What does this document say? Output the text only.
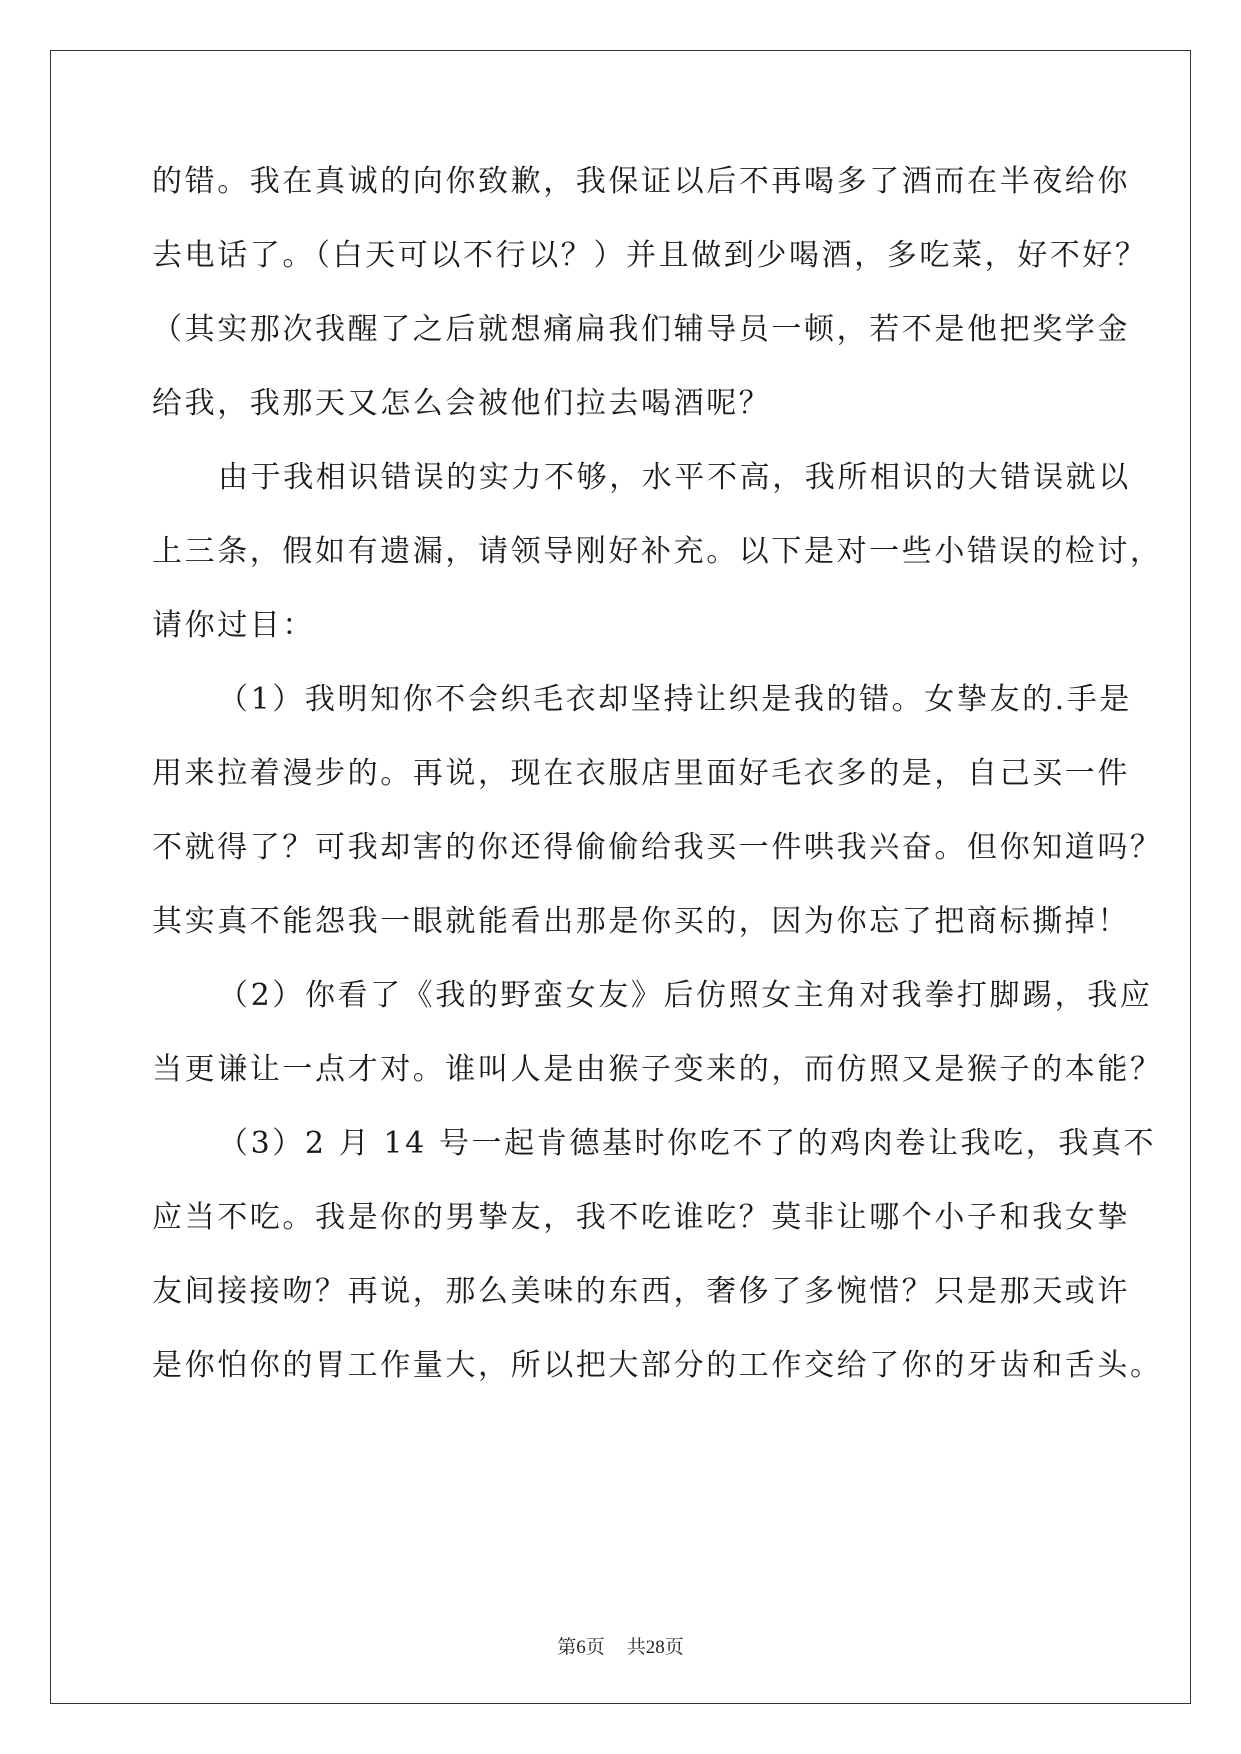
的错。我在真诚的向你致歉，我保证以后不再喝多了酒而在半夜给你
去电话了。（白天可以不行以？）并且做到少喝酒，多吃菜，好不好？
（其实那次我醒了之后就想痛扁我们辅导员一顿，若不是他把奖学金
给我，我那天又怎么会被他们拉去喝酒呢？
由于我相识错误的实力不够，水平不高，我所相识的大错误就以
上三条，假如有遗漏，请领导刚好补充。以下是对一些小错误的检讨，
请你过目：
（1）我明知你不会织毛衣却坚持让织是我的错。女挚友的.手是
用来拉着漫步的。再说，现在衣服店里面好毛衣多的是，自己买一件
不就得了？可我却害的你还得偷偷给我买一件哄我兴奋。但你知道吗？
其实真不能怨我一眼就能看出那是你买的，因为你忘了把商标撕掉！
（2）你看了《我的野蛮女友》后仿照女主角对我拳打脚踢，我应
当更谦让一点才对。谁叫人是由猴子变来的，而仿照又是猴子的本能？
（3）2 月 14 号一起肯德基时你吃不了的鸡肉卷让我吃，我真不
应当不吃。我是你的男挚友，我不吃谁吃？莫非让哪个小子和我女挚
友间接接吻？再说，那么美味的东西，奢侈了多惋惜？只是那天或许
是你怕你的胃工作量大，所以把大部分的工作交给了你的牙齿和舌头。
第6页 共28页
